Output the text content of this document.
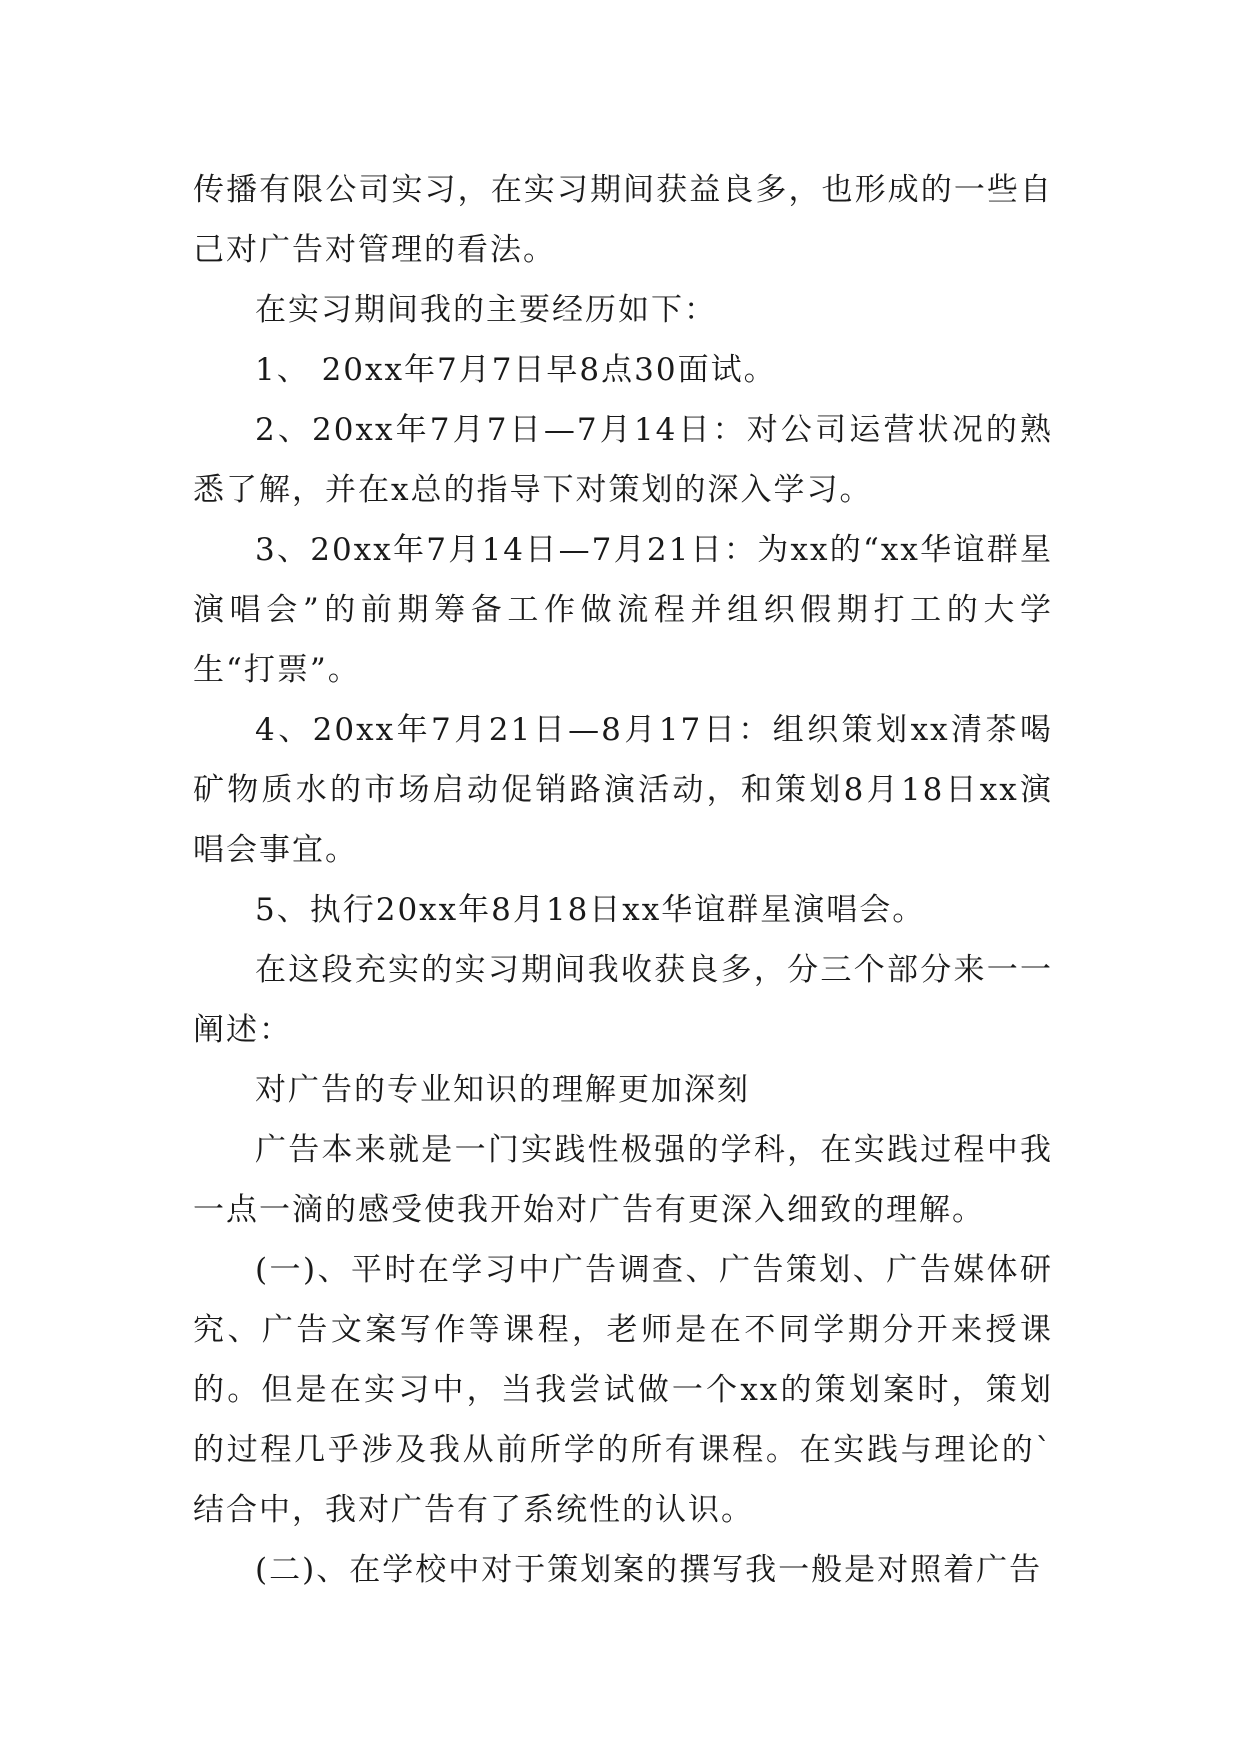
传播有限公司实习，在实习期间获益良多，也形成的一些自己对广告对管理的看法。

在实习期间我的主要经历如下：

1、 20xx年7月7日早8点30面试。

2、20xx年7月7日—7月14日：对公司运营状况的熟悉了解，并在x总的指导下对策划的深入学习。

3、20xx年7月14日—7月21日：为xx的“xx华谊群星演唱会”的前期筹备工作做流程并组织假期打工的大学生“打票”。

4、20xx年7月21日—8月17日：组织策划xx清茶喝矿物质水的市场启动促销路演活动，和策划8月18日xx演唱会事宜。

5、执行20xx年8月18日xx华谊群星演唱会。

在这段充实的实习期间我收获良多，分三个部分来一一阐述：

对广告的专业知识的理解更加深刻

广告本来就是一门实践性极强的学科，在实践过程中我一点一滴的感受使我开始对广告有更深入细致的理解。

(一)、平时在学习中广告调查、广告策划、广告媒体研究、广告文案写作等课程，老师是在不同学期分开来授课的。但是在实习中，当我尝试做一个xx的策划案时，策划的过程几乎涉及我从前所学的所有课程。在实践与理论的`结合中，我对广告有了系统性的认识。

(二)、在学校中对于策划案的撰写我一般是对照着广告
